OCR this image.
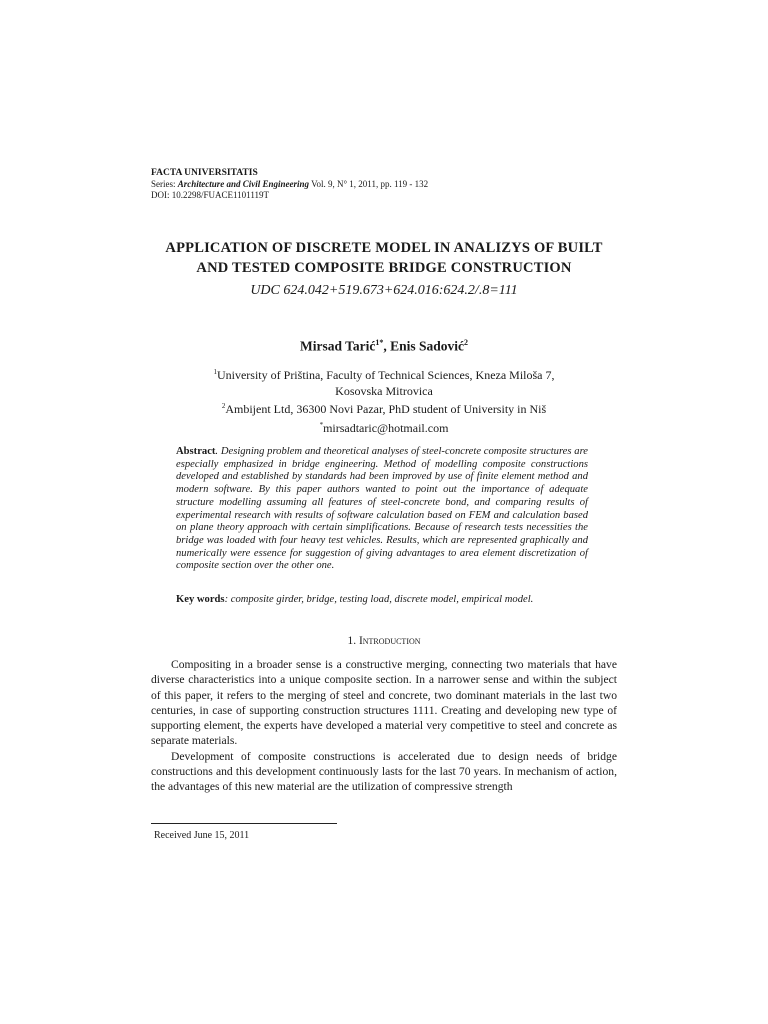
FACTA UNIVERSITATIS
Series: Architecture and Civil Engineering Vol. 9, N° 1, 2011, pp. 119 - 132
DOI: 10.2298/FUACE1101119T
APPLICATION OF DISCRETE MODEL IN ANALIZYS OF BUILT
AND TESTED COMPOSITE BRIDGE CONSTRUCTION
UDC 624.042+519.673+624.016:624.2/.8=111
Mirsad Tarić$^{1*}$, Enis Sadović$^2$
$^1$University of Priština, Faculty of Technical Sciences, Kneza Miloša 7,
Kosovska Mitrovica
$^2$Ambijent Ltd, 36300 Novi Pazar, PhD student of University in Niš
*mirsadtaric@hotmail.com
Abstract. Designing problem and theoretical analyses of steel-concrete composite structures are especially emphasized in bridge engineering. Method of modelling composite constructions developed and established by standards had been improved by use of finite element method and modern software. By this paper authors wanted to point out the importance of adequate structure modelling assuming all features of steel-concrete bond, and comparing results of experimental research with results of software calculation based on FEM and calculation based on plane theory approach with certain simplifications. Because of research tests necessities the bridge was loaded with four heavy test vehicles. Results, which are represented graphically and numerically were essence for suggestion of giving advantages to area element discretization of composite section over the other one.
Key words: composite girder, bridge, testing load, discrete model, empirical model.
1. Introduction

Compositing in a broader sense is a constructive merging, connecting two materials that have diverse characteristics into a unique composite section. In a narrower sense and within the subject of this paper, it refers to the merging of steel and concrete, two dominant materials in the last two centuries, in case of supporting construction structures 1111. Creating and developing new type of supporting element, the experts have developed a material very competitive to steel and concrete as separate materials.

Development of composite constructions is accelerated due to design needs of bridge constructions and this development continuously lasts for the last 70 years. In mechanism of action, the advantages of this new material are the utilization of compressive strength

Received June 15, 2011
